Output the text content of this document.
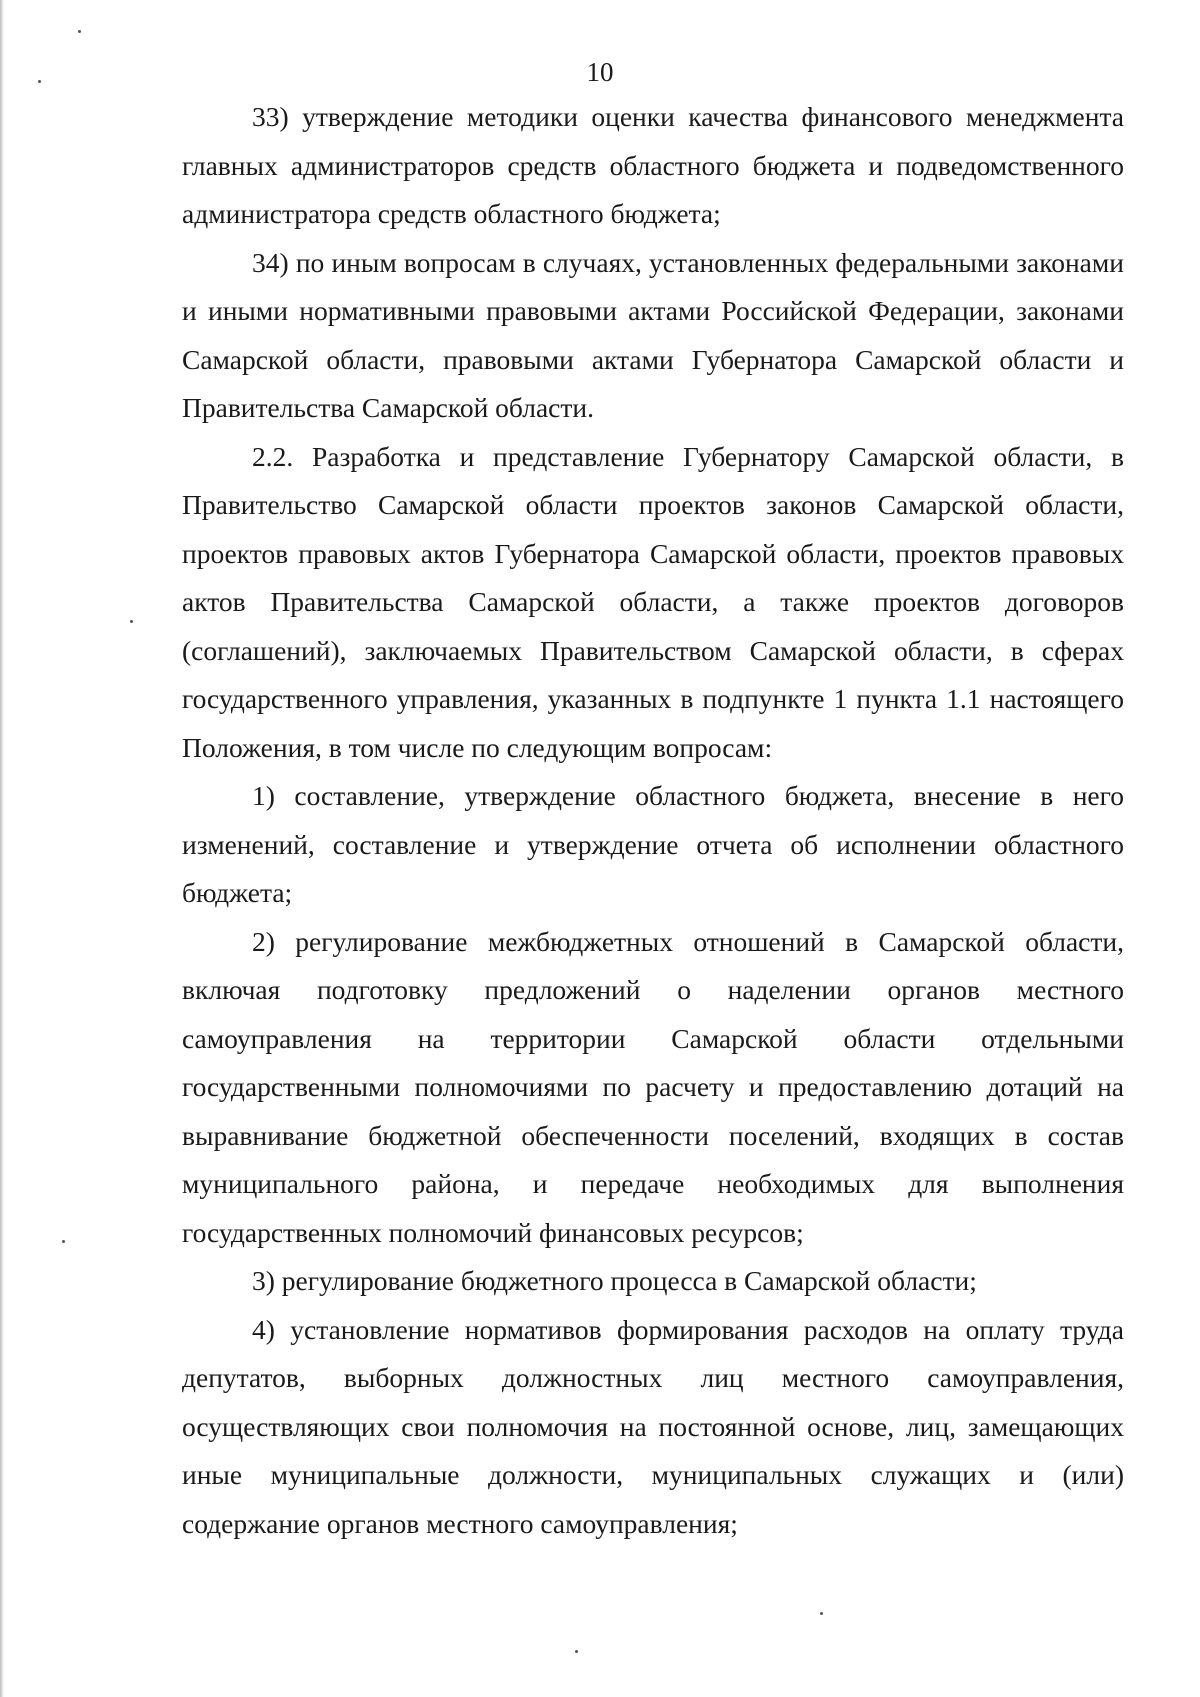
10

33) утверждение методики оценки качества финансового менеджмента главных администраторов средств областного бюджета и подведомственного администратора средств областного бюджета;

34) по иным вопросам в случаях, установленных федеральными законами и иными нормативными правовыми актами Российской Федерации, законами Самарской области, правовыми актами Губернатора Самарской области и Правительства Самарской области.

2.2. Разработка и представление Губернатору Самарской области, в Правительство Самарской области проектов законов Самарской области, проектов правовых актов Губернатора Самарской области, проектов правовых актов Правительства Самарской области, а также проектов договоров (соглашений), заключаемых Правительством Самарской области, в сферах государственного управления, указанных в подпункте 1 пункта 1.1 настоящего Положения, в том числе по следующим вопросам:

1) составление, утверждение областного бюджета, внесение в него изменений, составление и утверждение отчета об исполнении областного бюджета;

2) регулирование межбюджетных отношений в Самарской области, включая подготовку предложений о наделении органов местного самоуправления на территории Самарской области отдельными государственными полномочиями по расчету и предоставлению дотаций на выравнивание бюджетной обеспеченности поселений, входящих в состав муниципального района, и передаче необходимых для выполнения государственных полномочий финансовых ресурсов;

3) регулирование бюджетного процесса в Самарской области;

4) установление нормативов формирования расходов на оплату труда депутатов, выборных должностных лиц местного самоуправления, осуществляющих свои полномочия на постоянной основе, лиц, замещающих иные муниципальные должности, муниципальных служащих и (или) содержание органов местного самоуправления;
